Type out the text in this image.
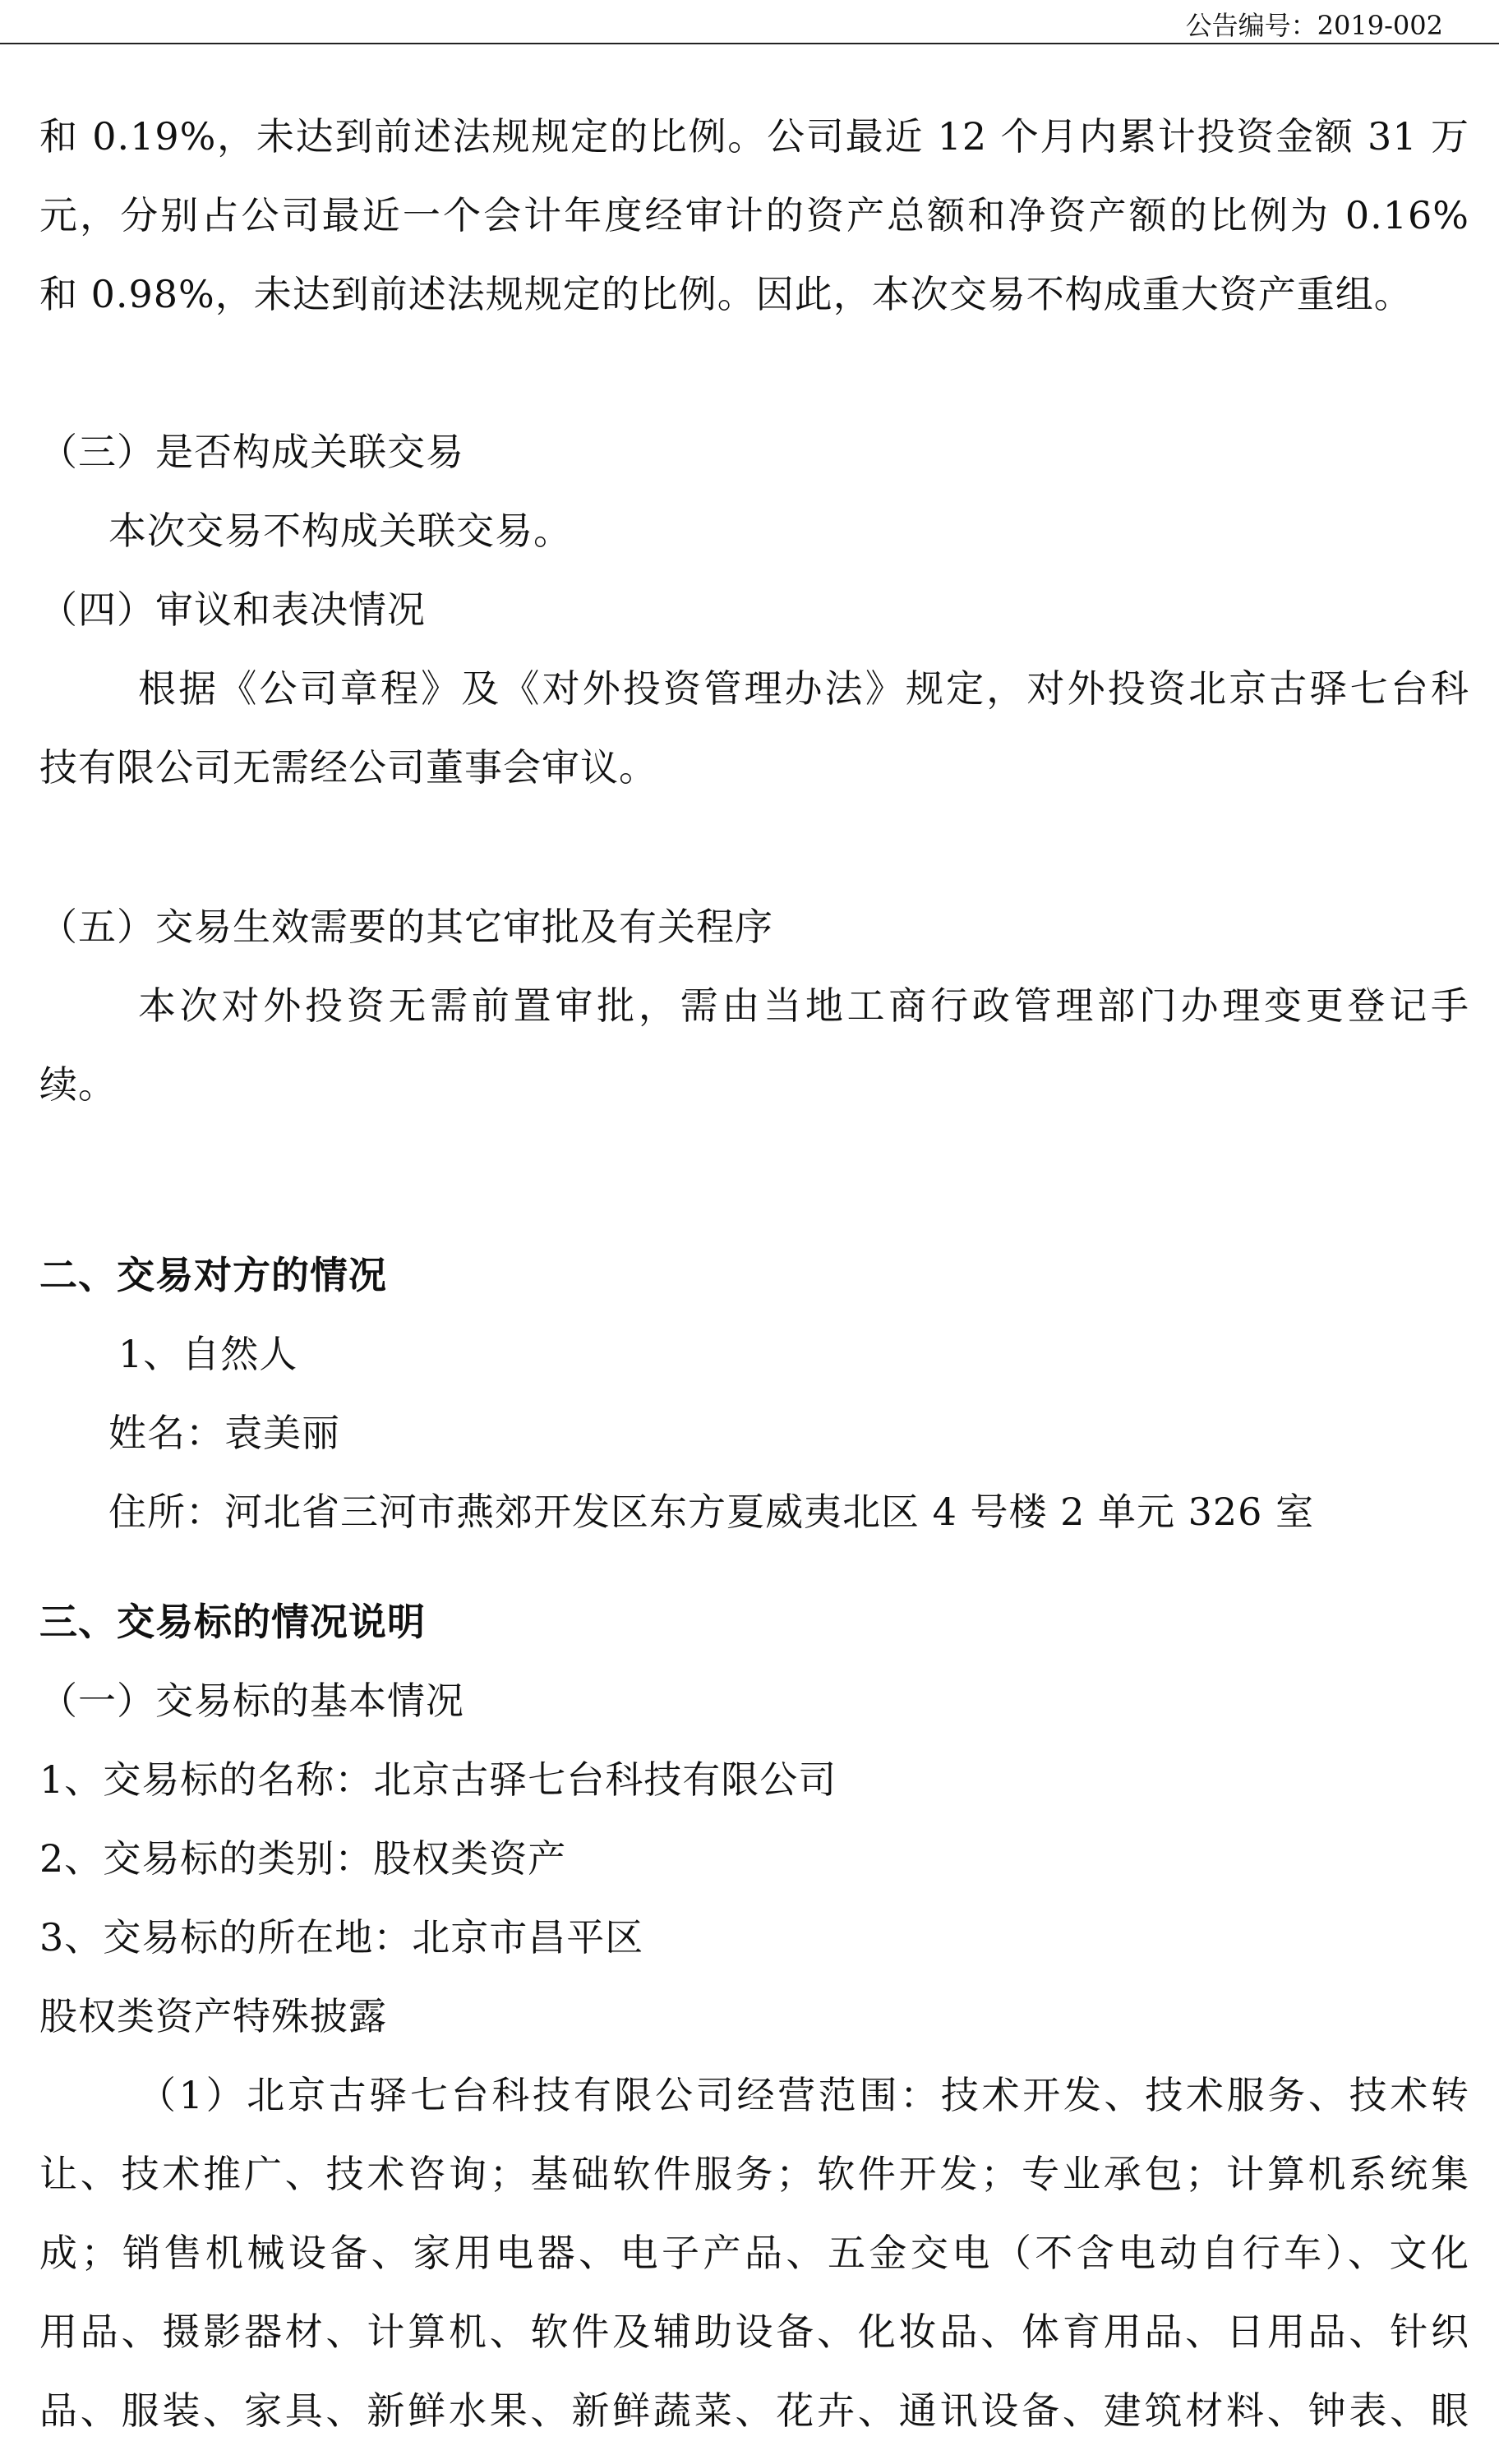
公告编号：2019-002
和 0.19%，未达到前述法规规定的比例。公司最近 12 个月内累计投资金额 31 万
元，分别占公司最近一个会计年度经审计的资产总额和净资产额的比例为 0.16%
和 0.98%，未达到前述法规规定的比例。因此，本次交易不构成重大资产重组。
（三）是否构成关联交易
本次交易不构成关联交易。
（四）审议和表决情况
根据《公司章程》及《对外投资管理办法》规定，对外投资北京古驿七台科
技有限公司无需经公司董事会审议。
（五）交易生效需要的其它审批及有关程序
本次对外投资无需前置审批，需由当地工商行政管理部门办理变更登记手
续。
二、交易对方的情况
1、自然人
姓名：袁美丽
住所：河北省三河市燕郊开发区东方夏威夷北区 4 号楼 2 单元 326 室
三、交易标的情况说明
（一）交易标的基本情况
1、交易标的名称：北京古驿七台科技有限公司
2、交易标的类别：股权类资产
3、交易标的所在地：北京市昌平区
股权类资产特殊披露
（1）北京古驿七台科技有限公司经营范围：技术开发、技术服务、技术转
让、技术推广、技术咨询；基础软件服务；软件开发；专业承包；计算机系统集
成；销售机械设备、家用电器、电子产品、五金交电（不含电动自行车）、文化
用品、摄影器材、计算机、软件及辅助设备、化妆品、体育用品、日用品、针织
品、服装、家具、新鲜水果、新鲜蔬菜、花卉、通讯设备、建筑材料、钟表、眼
